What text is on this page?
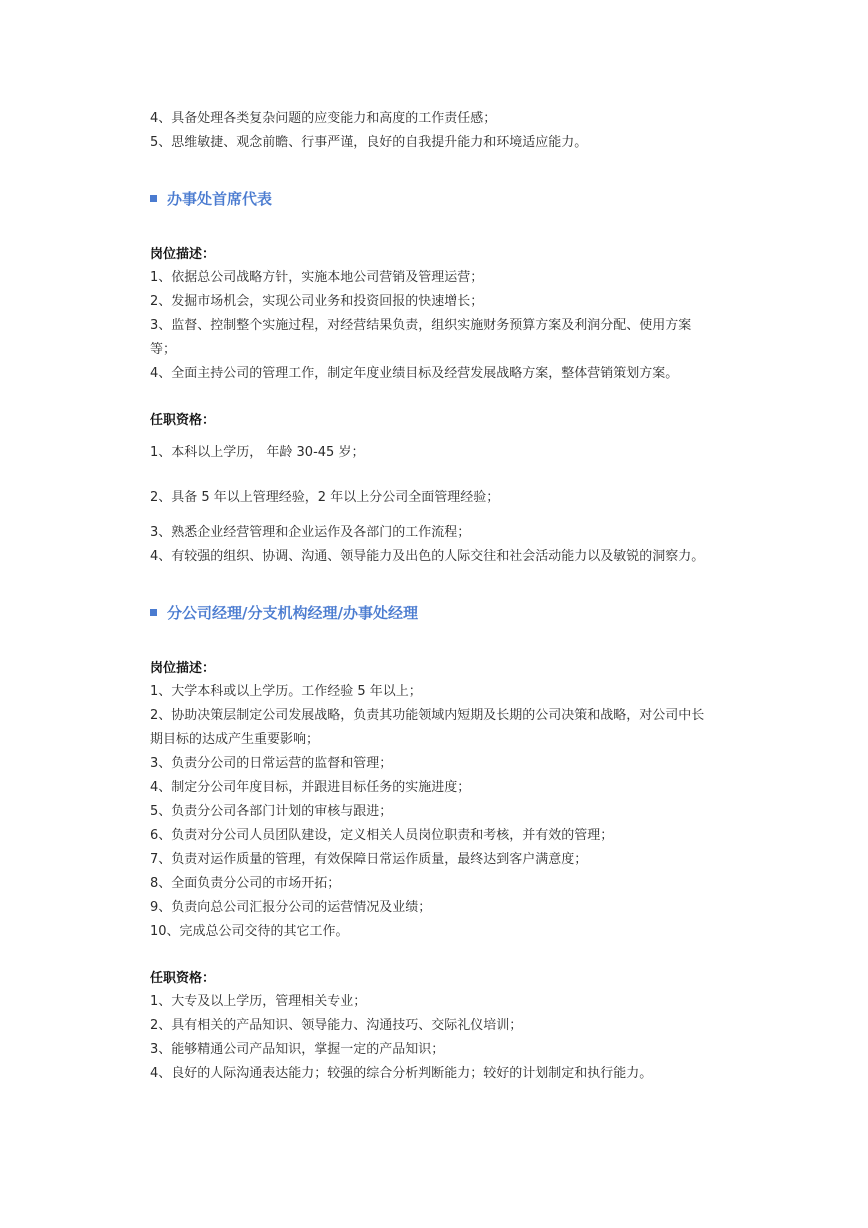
4、具备处理各类复杂问题的应变能力和高度的工作责任感；
5、思维敏捷、观念前瞻、行事严谨，良好的自我提升能力和环境适应能力。
办事处首席代表
岗位描述：
1、依据总公司战略方针，实施本地公司营销及管理运营；
2、发掘市场机会，实现公司业务和投资回报的快速增长；
3、监督、控制整个实施过程，对经营结果负责，组织实施财务预算方案及利润分配、使用方案
等；
4、全面主持公司的管理工作，制定年度业绩目标及经营发展战略方案，整体营销策划方案。
任职资格：
1、本科以上学历， 年龄 30-45 岁；
2、具备 5 年以上管理经验，2 年以上分公司全面管理经验；
3、熟悉企业经营管理和企业运作及各部门的工作流程；
4、有较强的组织、协调、沟通、领导能力及出色的人际交往和社会活动能力以及敏锐的洞察力。
分公司经理/分支机构经理/办事处经理
岗位描述：
1、大学本科或以上学历。工作经验 5 年以上；
2、协助决策层制定公司发展战略，负责其功能领域内短期及长期的公司决策和战略，对公司中长
期目标的达成产生重要影响；
3、负责分公司的日常运营的监督和管理；
4、制定分公司年度目标，并跟进目标任务的实施进度；
5、负责分公司各部门计划的审核与跟进；
6、负责对分公司人员团队建设，定义相关人员岗位职责和考核，并有效的管理；
7、负责对运作质量的管理，有效保障日常运作质量，最终达到客户满意度；
8、全面负责分公司的市场开拓；
9、负责向总公司汇报分公司的运营情况及业绩；
10、完成总公司交待的其它工作。
任职资格：
1、大专及以上学历，管理相关专业；
2、具有相关的产品知识、领导能力、沟通技巧、交际礼仪培训；
3、能够精通公司产品知识，掌握一定的产品知识；
4、良好的人际沟通表达能力；较强的综合分析判断能力；较好的计划制定和执行能力。
